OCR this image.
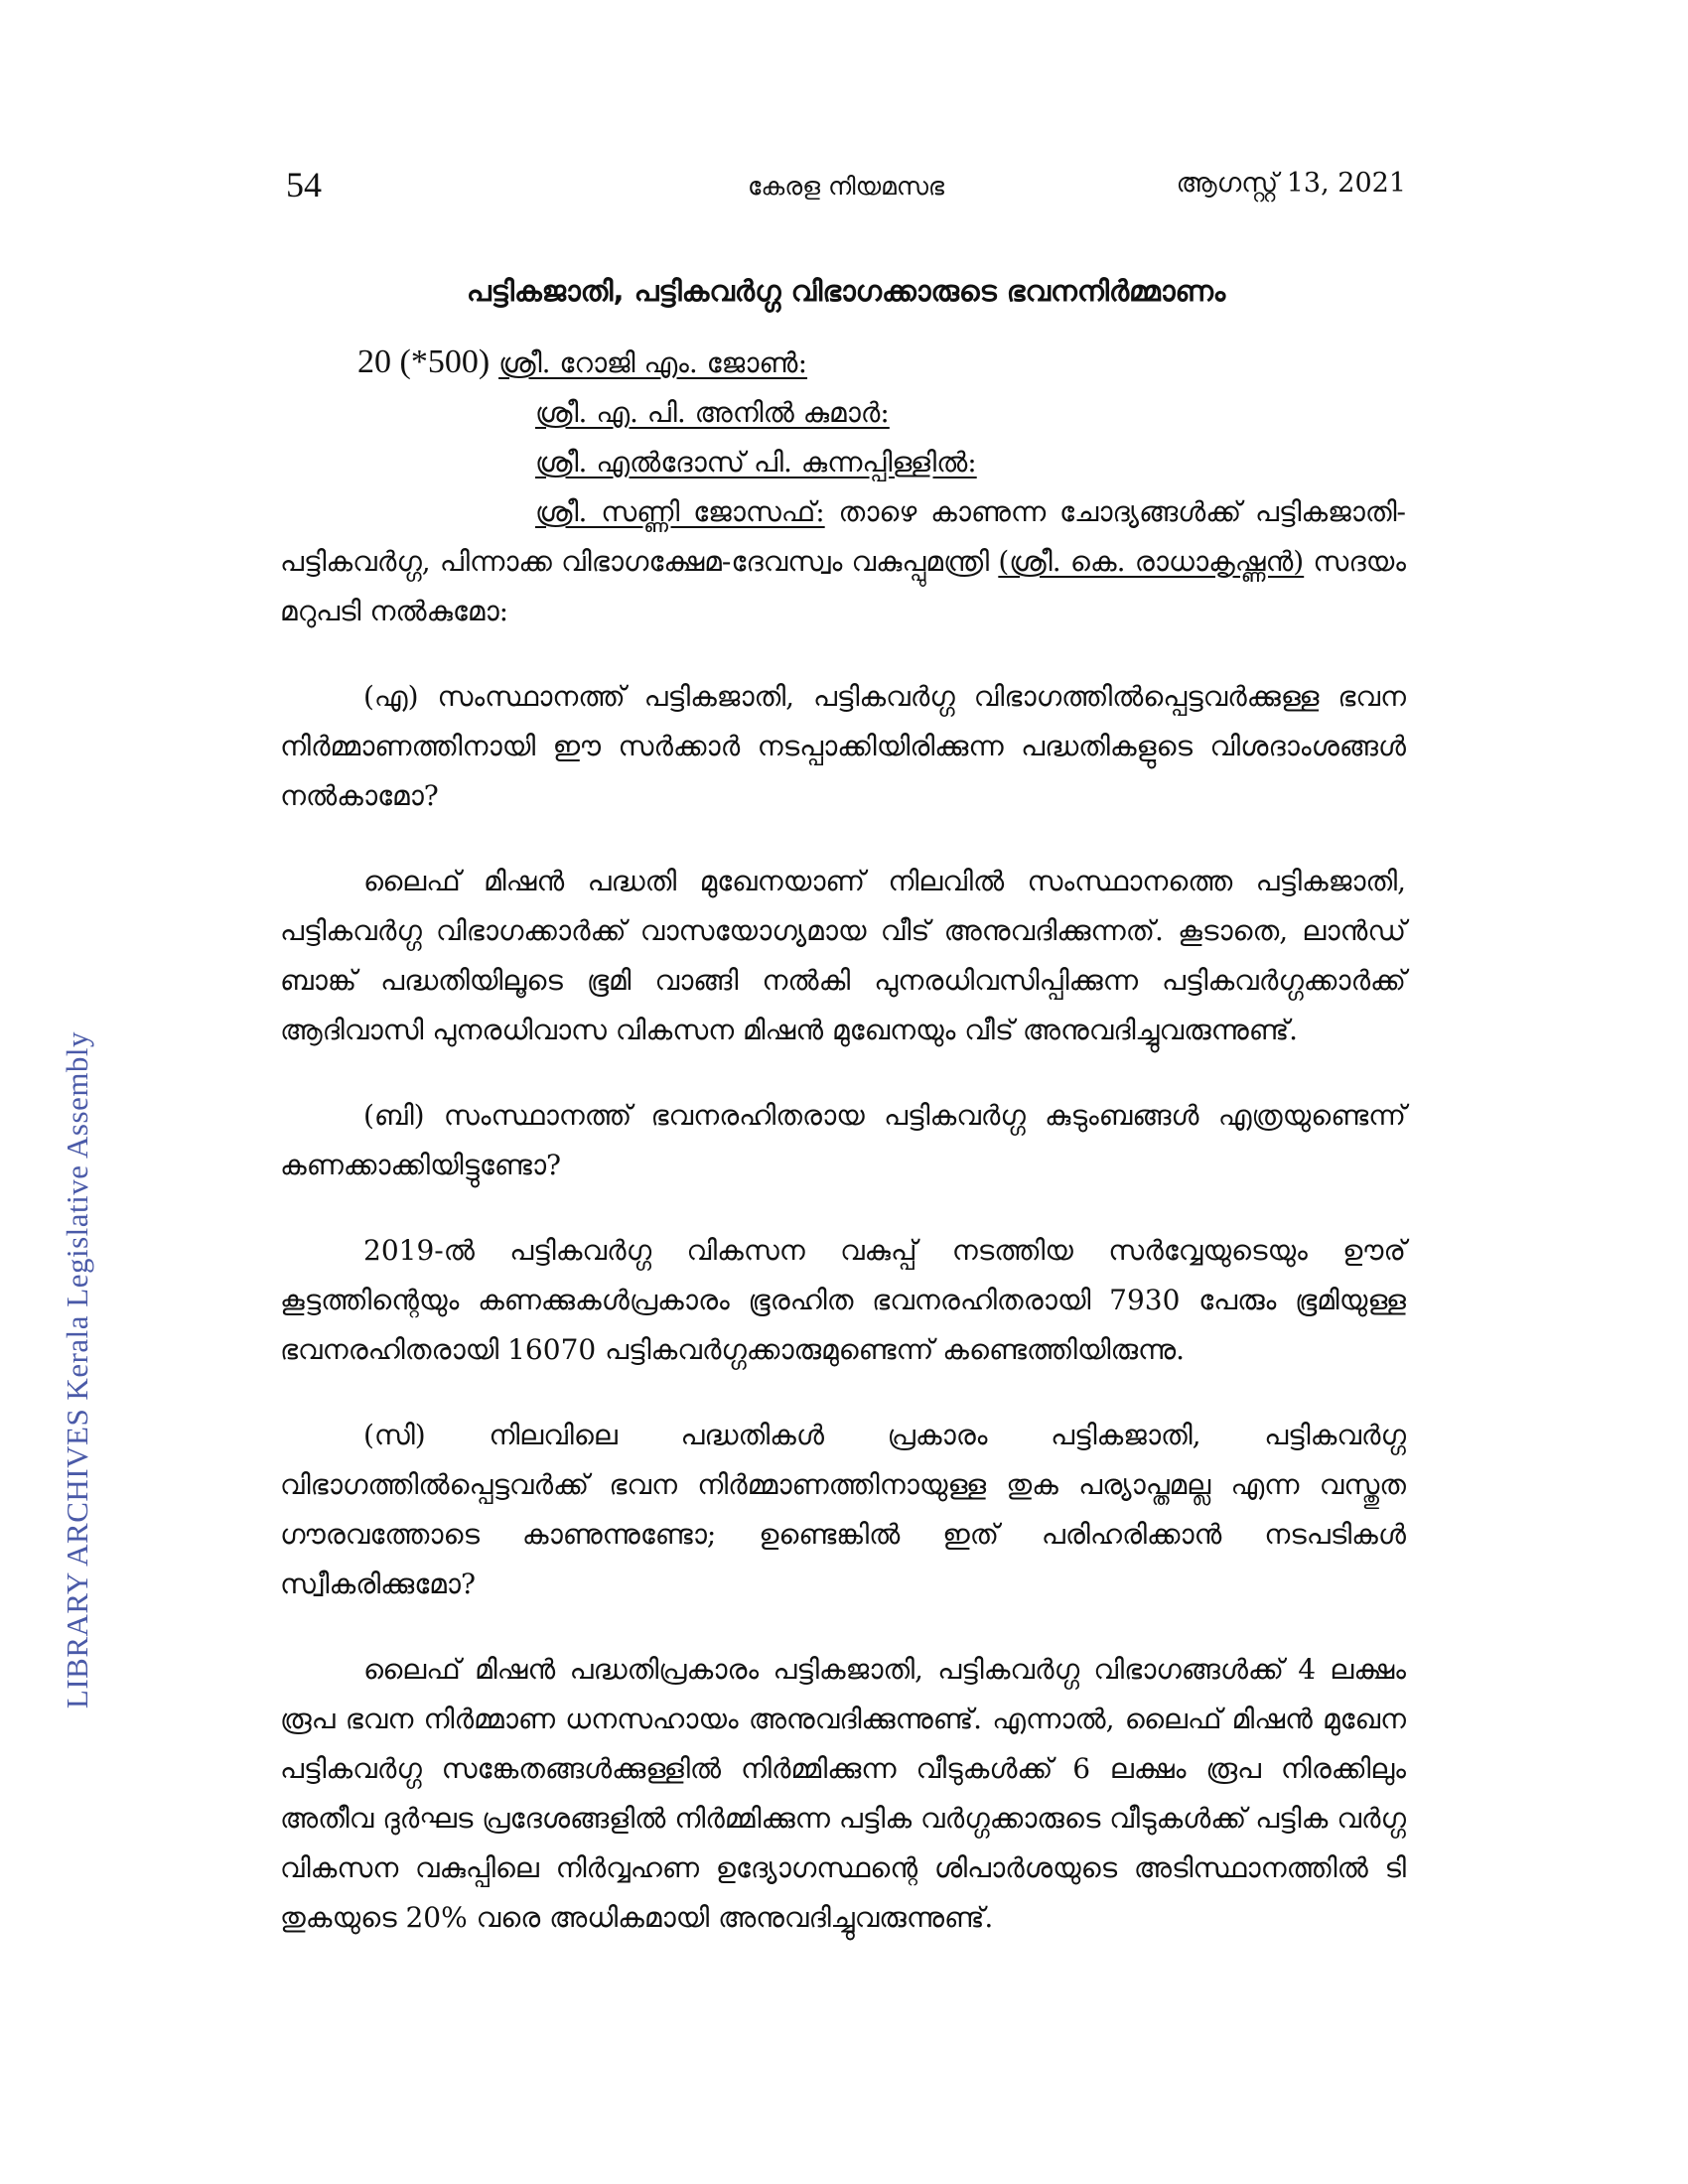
LIBRARY ARCHIVES Kerala Legislative Assembly
54	കേരള നിയമസഭ	ആഗസ്റ്റ് 13, 2021
പട്ടികജാതി, പട്ടികവർഗ്ഗ വിഭാഗക്കാരുടെ ഭവനനിർമ്മാണം
20 (*500) ശ്രീ. റോജി എം. ജോൺ:
ശ്രീ. എ. പി. അനിൽ കുമാർ:
ശ്രീ. എൽദോസ് പി. കുന്നപ്പിള്ളിൽ:

ശ്രീ. സണ്ണി ജോസഫ്: താഴെ കാണുന്ന ചോദ്യങ്ങൾക്ക് പട്ടികജാതി-പട്ടികവർഗ്ഗ, പിന്നാക്ക വിഭാഗക്ഷേമ-ദേവസ്വം വകുപ്പുമന്ത്രി (ശ്രീ. കെ. രാധാകൃഷ്ണൻ) സദയം മറുപടി നൽകുമോ:

(എ) സംസ്ഥാനത്ത് പട്ടികജാതി, പട്ടികവർഗ്ഗ വിഭാഗത്തിൽപ്പെട്ടവർക്കുള്ള ഭവന നിർമ്മാണത്തിനായി ഈ സർക്കാർ നടപ്പാക്കിയിരിക്കുന്ന പദ്ധതികളുടെ വിശദാംശങ്ങൾ നൽകാമോ?

ലൈഫ് മിഷൻ പദ്ധതി മുഖേനയാണ് നിലവിൽ സംസ്ഥാനത്തെ പട്ടികജാതി, പട്ടികവർഗ്ഗ വിഭാഗക്കാർക്ക് വാസയോഗ്യമായ വീട് അനുവദിക്കുന്നത്. കൂടാതെ, ലാൻഡ് ബാങ്ക് പദ്ധതിയിലൂടെ ഭൂമി വാങ്ങി നൽകി പുനരധിവസിപ്പിക്കുന്ന പട്ടികവർഗ്ഗക്കാർക്ക് ആദിവാസി പുനരധിവാസ വികസന മിഷൻ മുഖേനയും വീട് അനുവദിച്ചുവരുന്നുണ്ട്.

(ബി) സംസ്ഥാനത്ത് ഭവനരഹിതരായ പട്ടികവർഗ്ഗ കുടുംബങ്ങൾ എത്രയുണ്ടെന്ന് കണക്കാക്കിയിട്ടുണ്ടോ?

2019-ൽ പട്ടികവർഗ്ഗ വികസന വകുപ്പ് നടത്തിയ സർവ്വേയുടെയും ഊര് കൂട്ടത്തിന്റെയും കണക്കുകൾപ്രകാരം ഭൂരഹിത ഭവനരഹിതരായി 7930 പേരും ഭൂമിയുള്ള ഭവനരഹിതരായി 16070 പട്ടികവർഗ്ഗക്കാരുമുണ്ടെന്ന് കണ്ടെത്തിയിരുന്നു.

(സി) നിലവിലെ പദ്ധതികൾ പ്രകാരം പട്ടികജാതി, പട്ടികവർഗ്ഗ വിഭാഗത്തിൽപ്പെട്ടവർക്ക് ഭവന നിർമ്മാണത്തിനായുള്ള തുക പര്യാപ്തമല്ല എന്ന വസ്തുത ഗൗരവത്തോടെ കാണുന്നുണ്ടോ; ഉണ്ടെങ്കിൽ ഇത് പരിഹരിക്കാൻ നടപടികൾ സ്വീകരിക്കുമോ?

ലൈഫ് മിഷൻ പദ്ധതിപ്രകാരം പട്ടികജാതി, പട്ടികവർഗ്ഗ വിഭാഗങ്ങൾക്ക് 4 ലക്ഷം രൂപ ഭവന നിർമ്മാണ ധനസഹായം അനുവദിക്കുന്നുണ്ട്. എന്നാൽ, ലൈഫ് മിഷൻ മുഖേന പട്ടികവർഗ്ഗ സങ്കേതങ്ങൾക്കുള്ളിൽ നിർമ്മിക്കുന്ന വീടുകൾക്ക് 6 ലക്ഷം രൂപ നിരക്കിലും അതീവ ദുർഘട പ്രദേശങ്ങളിൽ നിർമ്മിക്കുന്ന പട്ടിക വർഗ്ഗക്കാരുടെ വീടുകൾക്ക് പട്ടിക വർഗ്ഗ വികസന വകുപ്പിലെ നിർവ്വഹണ ഉദ്യോഗസ്ഥന്റെ ശിപാർശയുടെ അടിസ്ഥാനത്തിൽ ടി തുകയുടെ 20% വരെ അധികമായി അനുവദിച്ചുവരുന്നുണ്ട്.
